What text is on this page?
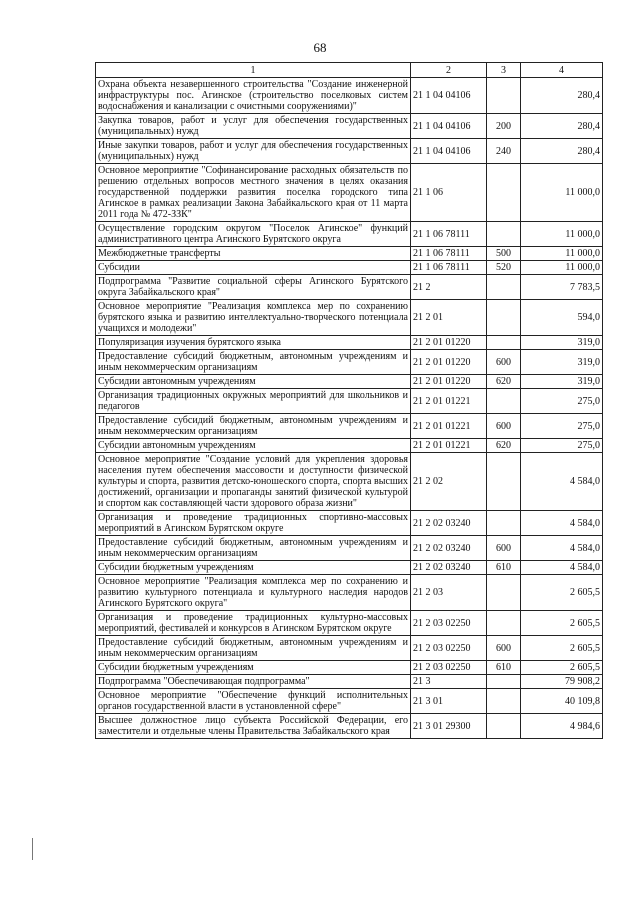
68
1	2	3	4
Охрана объекта незавершенного строительства "Создание инженерной инфраструктуры пос. Агинское (строительство поселковых систем водоснабжения и канализации с очистными сооружениями)"	21 1 04 04106		280,4
Закупка товаров, работ и услуг для обеспечения государственных (муниципальных) нужд	21 1 04 04106	200	280,4
Иные закупки товаров, работ и услуг для обеспечения государственных (муниципальных) нужд	21 1 04 04106	240	280,4
Основное мероприятие "Софинансирование расходных обязательств по решению отдельных вопросов местного значения в целях оказания государственной поддержки развития поселка городского типа Агинское в рамках реализации Закона Забайкальского края от 11 марта 2011 года № 472-ЗЗК"	21 1 06		11 000,0
Осуществление городским округом "Поселок Агинское" функций административного центра Агинского Бурятского округа	21 1 06 78111		11 000,0
Межбюджетные трансферты	21 1 06 78111	500	11 000,0
Субсидии	21 1 06 78111	520	11 000,0
Подпрограмма "Развитие социальной сферы Агинского Бурятского округа Забайкальского края"	21 2		7 783,5
Основное мероприятие "Реализация комплекса мер по сохранению бурятского языка и развитию интеллектуально-творческого потенциала учащихся и молодежи"	21 2 01		594,0
Популяризация изучения бурятского языка	21 2 01 01220		319,0
Предоставление субсидий бюджетным, автономным учреждениям и иным некоммерческим организациям	21 2 01 01220	600	319,0
Субсидии автономным учреждениям	21 2 01 01220	620	319,0
Организация традиционных окружных мероприятий для школьников и педагогов	21 2 01 01221		275,0
Предоставление субсидий бюджетным, автономным учреждениям и иным некоммерческим организациям	21 2 01 01221	600	275,0
Субсидии автономным учреждениям	21 2 01 01221	620	275,0
Основное мероприятие "Создание условий для укрепления здоровья населения путем обеспечения массовости и доступности физической культуры и спорта, развития детско-юношеского спорта, спорта высших достижений, организации и пропаганды занятий физической культурой и спортом как составляющей части здорового образа жизни"	21 2 02		4 584,0
Организация и проведение традиционных спортивно-массовых мероприятий в Агинском Бурятском округе	21 2 02 03240		4 584,0
Предоставление субсидий бюджетным, автономным учреждениям и иным некоммерческим организациям	21 2 02 03240	600	4 584,0
Субсидии бюджетным учреждениям	21 2 02 03240	610	4 584,0
Основное мероприятие "Реализация комплекса мер по сохранению и развитию культурного потенциала и культурного наследия народов Агинского Бурятского округа"	21 2 03		2 605,5
Организация и проведение традиционных культурно-массовых мероприятий, фестивалей и конкурсов в Агинском Бурятском округе	21 2 03 02250		2 605,5
Предоставление субсидий бюджетным, автономным учреждениям и иным некоммерческим организациям	21 2 03 02250	600	2 605,5
Субсидии бюджетным учреждениям	21 2 03 02250	610	2 605,5
Подпрограмма "Обеспечивающая подпрограмма"	21 3		79 908,2
Основное мероприятие "Обеспечение функций исполнительных органов государственной власти в установленной сфере"	21 3 01		40 109,8
Высшее должностное лицо субъекта Российской Федерации, его заместители и отдельные члены Правительства Забайкальского края	21 3 01 29300		4 984,6
